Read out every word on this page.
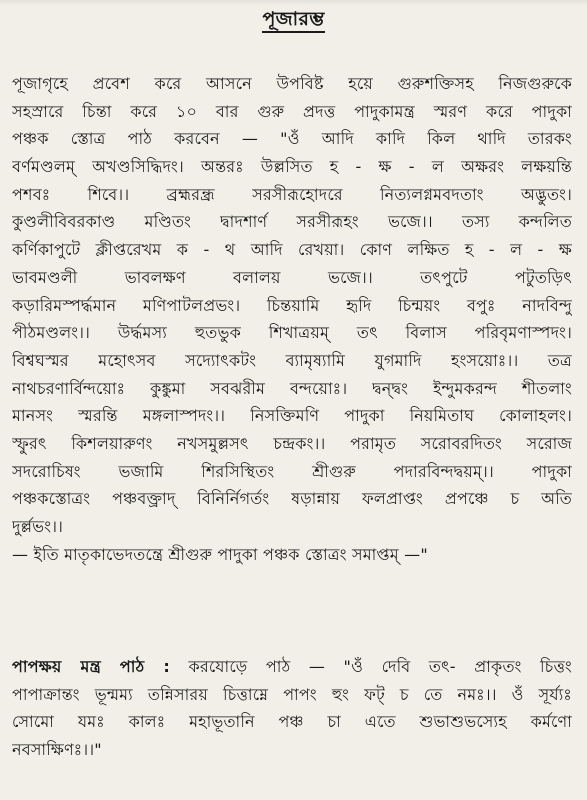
পূজারম্ভ
পূজাগৃহে প্রবেশ করে আসনে উপবিষ্ট হয়ে গুরুশক্তিসহ নিজগুরুকে
সহস্রারে চিন্তা করে ১০ বার গুরু প্রদত্ত পাদুকামন্ত্র স্মরণ করে পাদুকা
পঞ্চক স্তোত্র পাঠ করবেন — "ওঁ আদি কাদি কিল থাদি তারকং
বর্ণমণ্ডলম্ অখণ্ডসিদ্ধিদং। অন্তরঃ উল্লসিত হ - ক্ষ - ল অক্ষরং লক্ষয়ন্তি
পশবঃ শিবে।। ব্রহ্মরন্ধ্র সরসীরূহোদরে নিত্যলগ্নমবদতাং অদ্ভুতং।
কুণ্ডলীবিবরকাণ্ড মণ্ডিতং দ্বাদশার্ণ সরসীরূহং ভজে।। তস্য কন্দলিত
কর্ণিকাপুটে ক্লীপ্তরেখম ক - থ আদি রেখয়া। কোণ লক্ষিত হ - ল - ক্ষ
ভাবমণ্ডলী ভাবলক্ষণ বলালয় ভজে।। তৎপুটে পটুতড়িৎ
কড়ারিমস্পর্দ্ধমান মণিপাটলপ্রভং। চিন্তয়ামি হৃদি চিন্ময়ং বপুঃ নাদবিন্দু
পীঠমণ্ডলং।। উর্দ্ধমস্য হুতভুক শিখাত্রয়ম্ তৎ বিলাস পরিবৃমণাস্পদং।
বিশ্বঘস্মর মহোৎসব সদ্যোৎকটং ব্যামৃষ্যামি যুগমাদি হংসয়োঃ।। তত্র
নাথচরণার্বিন্দয়োঃ কুঙ্কুমা সবঝরীম বন্দয়োঃ। দ্বন্দ্বং ইন্দুমকরন্দ শীতলাং
মানসং স্মরন্তি মঙ্গলাস্পদং।। নিসক্তিমণি পাদুকা নিয়মিতাঘ কোলাহলং।
স্ফুরৎ কিশলয়ারুণং নখসমুল্লসৎ চন্দ্রকং।। পরামৃত সরোবরদিতং সরোজ
সদরোচিষং ভজামি শিরসিস্থিতং শ্রীগুরু পদারবিন্দদ্বয়ম্।। পাদুকা
পঞ্চকস্তোত্রং পঞ্চবক্ত্রাদ্ বিনির্নিগর্তং ষড়ান্নায় ফলপ্রাপ্তং প্রপঞ্চে চ অতি
দুর্ল্লভং।।
— ইতি মাতৃকাভেদতন্ত্রে শ্রীগুরু পাদুকা পঞ্চক স্তোত্রং সমাপ্তম্ —"
পাপক্ষয় মন্ত্র পাঠ : করযোড়ে পাঠ — "ওঁ দেবি তৎ- প্রাকৃতং চিত্তং
পাপাক্রান্তং ভূন্মম্য তন্নিসারয় চিত্তাম্নে পাপং হুং ফট্ চ তে নমঃ।। ওঁ সূর্য্যঃ
সোমো যমঃ কালঃ মহাভূতানি পঞ্চ চা এতে শুভাশুভস্যেহ কর্মণো
নবসাক্ষিণঃ।।"
